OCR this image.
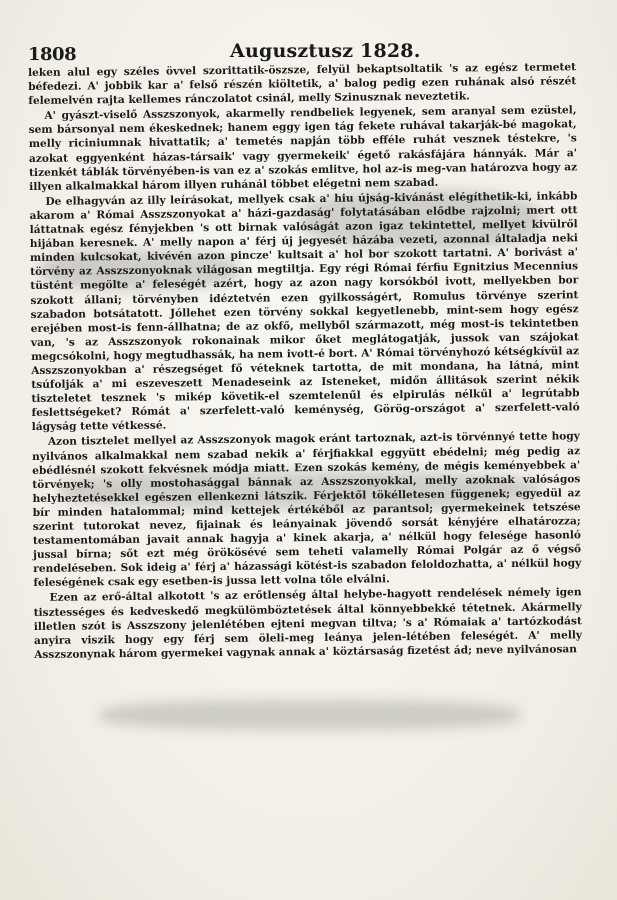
1808	Augusztusz 1828.

leken alul egy széles övvel szorittatik-öszsze, felyül bekaptsoltatik 's az egész termetet béfedezi. A' jobbik kar a' felső részén kiöltetik, a' balog pedig ezen ruhának alsó részét felemelvén rajta kellemes ránczolatot csinál, melly Szinusznak neveztetik.

A' gyászt-viselő Asszszonyok, akarmelly rendbeliek legyenek, sem aranyal sem ezüstel, sem bársonyal nem ékeskednek; hanem eggy igen tág fekete ruhával takarják-bé magokat, melly riciniumnak hivattatik; a' temetés napján több efféle ruhát vesznek téstekre, 's azokat eggyenként házas-társaik' vagy gyermekeik' égető rakásfájára hánnyák. Már a' tizenkét táblák törvényében-is van ez a' szokás emlitve, hol az-is meg-van határozva hogy az illyen alkalmakkal három illyen ruhánál többet elégetni nem szabad.

De elhagyván az illy leírásokat, mellyek csak a' hiu újság-kivánást elégíthetik-ki, inkább akarom a' Római Asszszonyokat a' házi-gazdaság' folytatásában elődbe rajzolni; mert ott láttatnak egész fényjekben 's ott birnak valóságát azon igaz tekintettel, mellyet kivülről hijában keresnek. A' melly napon a' férj új jegyesét házába vezeti, azonnal általadja neki minden kulcsokat, kivévén azon pincze' kultsait a' hol bor szokott tartatni. A' borivást a' törvény az Asszszonyoknak világosan megtiltja. Egy régi Római férfiu Egnitzius Mecennius tüstént megölte a' feleségét azért, hogy az azon nagy korsókból ivott, mellyekben bor szokott állani; törvényben idéztetvén ezen gyilkosságért, Romulus törvénye szerint szabadon botsátatott. Jóllehet ezen törvény sokkal kegyetlenebb, mint-sem hogy egész erejében most-is fenn-állhatna; de az okfő, mellyből származott, még most-is tekintetben van, 's az Asszszonyok rokonainak mikor őket meglátogatják, jussok van szájokat megcsókolni, hogy megtudhassák, ha nem ivott-é bort. A' Római törvényhozó kétségkívül az Asszszonyokban a' részegséget fő véteknek tartotta, de mit mondana, ha látná, mint tsúfolják a' mi eszeveszett Menadeseink az Isteneket, midőn állitások szerint nékik tiszteletet tesznek 's mikép követik-el szemtelenűl és elpirulás nélkűl a' legrútabb feslettségeket? Rómát a' szerfelett-való keménység, Görög-országot a' szerfelett-való lágyság tette vétkessé.

Azon tisztelet mellyel az Asszszonyok magok eránt tartoznak, azt-is törvénnyé tette hogy nyilvános alkalmakkal nem szabad nekik a' férjfiakkal eggyütt ebédelni; még pedig az ebédlésnél szokott fekvésnek módja miatt. Ezen szokás kemény, de mégis keményebbek a' törvények; 's olly mostohasággal bánnak az Asszszonyokkal, melly azoknak valóságos helyheztetésekkel egészen ellenkezni látszik. Férjektől tökélletesen függenek; egyedül az bír minden hatalommal; mind kettejek értékéből az parantsol; gyermekeinek tetszése szerint tutorokat nevez, fijainak és leányainak jövendő sorsát kényjére elhatározza; testamentomában javait annak hagyja a' kinek akarja, a' nélkül hogy felesége hasonló jussal bírna; sőt ezt még örökösévé sem teheti valamelly Római Polgár az ő végső rendeléseben. Sok ideig a' férj a' házassági kötést-is szabadon feloldozhatta, a' nélkül hogy feleségének csak egy esetben-is jussa lett volna tőle elválni.

Ezen az erő-által alkotott 's az erőtlenség által helybe-hagyott rendelések némely igen tisztességes és kedveskedő megkülömböztetések által könnyebbekké tétetnek. Akármelly illetlen szót is Asszszony jelenlétében ejteni megvan tiltva; 's a' Rómaiak a' tartózkodást anyira viszik hogy egy férj sem öleli-meg leánya jelen-létében feleségét. A' melly Asszszonynak három gyermekei vagynak annak a' köztársaság fizetést ád; neve nyilvánosan
